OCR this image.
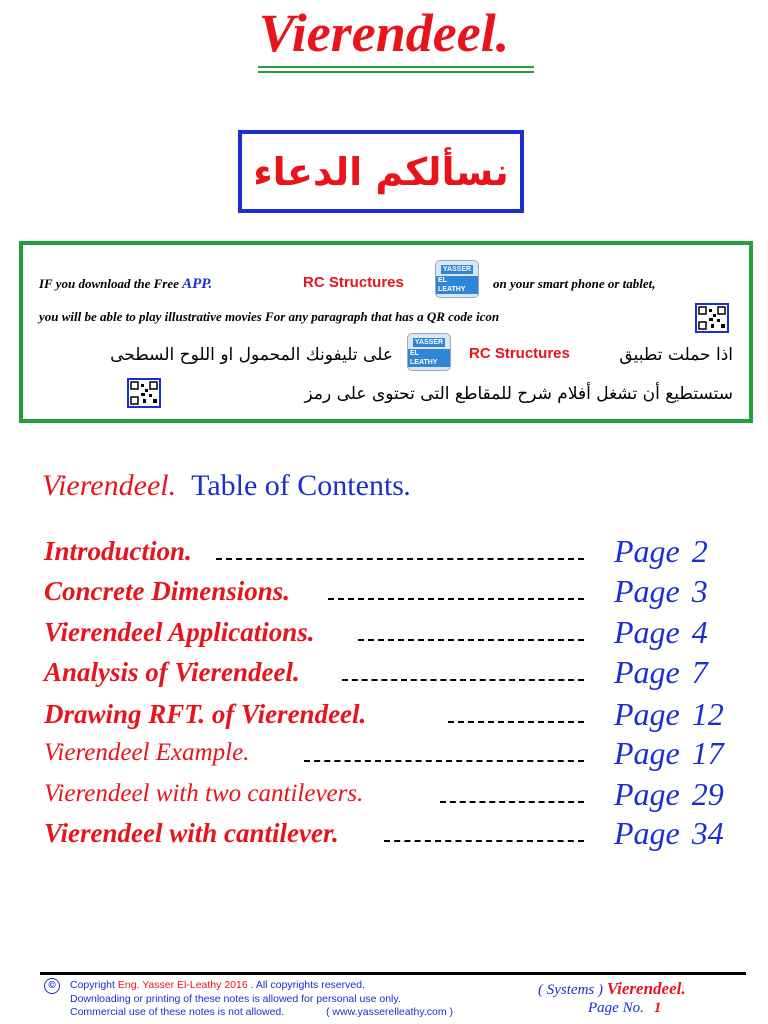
Vierendeel.
نسألكم الدعاء
IF you download the Free APP.	RC Structures
YASSER
EL LEATHY	on your smart phone or tablet,
you will be able to play illustrative movies For any paragraph that has a QR code icon
اذا حملت تطبيق
RC Structures
YASSER
EL LEATHY
على تليفونك المحمول او اللوح السطحى
ستستطيع أن تشغل أفلام شرح للمقاطع التى تحتوى على رمز
Vierendeel. Table of Contents.
Introduction.	Page 2
Concrete Dimensions.	Page 3
Vierendeel Applications.	Page 4
Analysis of Vierendeel.	Page 7
Drawing RFT. of Vierendeel.	Page 12
Vierendeel Example.	Page 17
Vierendeel with two cantilevers.	Page 29
Vierendeel with cantilever.	Page 34
©	Copyright Eng. Yasser El-Leathy 2016 . All copyrights reserved.
Downloading or printing of these notes is allowed for personal use only.
Commercial use of these notes is not allowed.	( www.yasserelleathy.com )
( Systems ) Vierendeel.
Page No. 1
